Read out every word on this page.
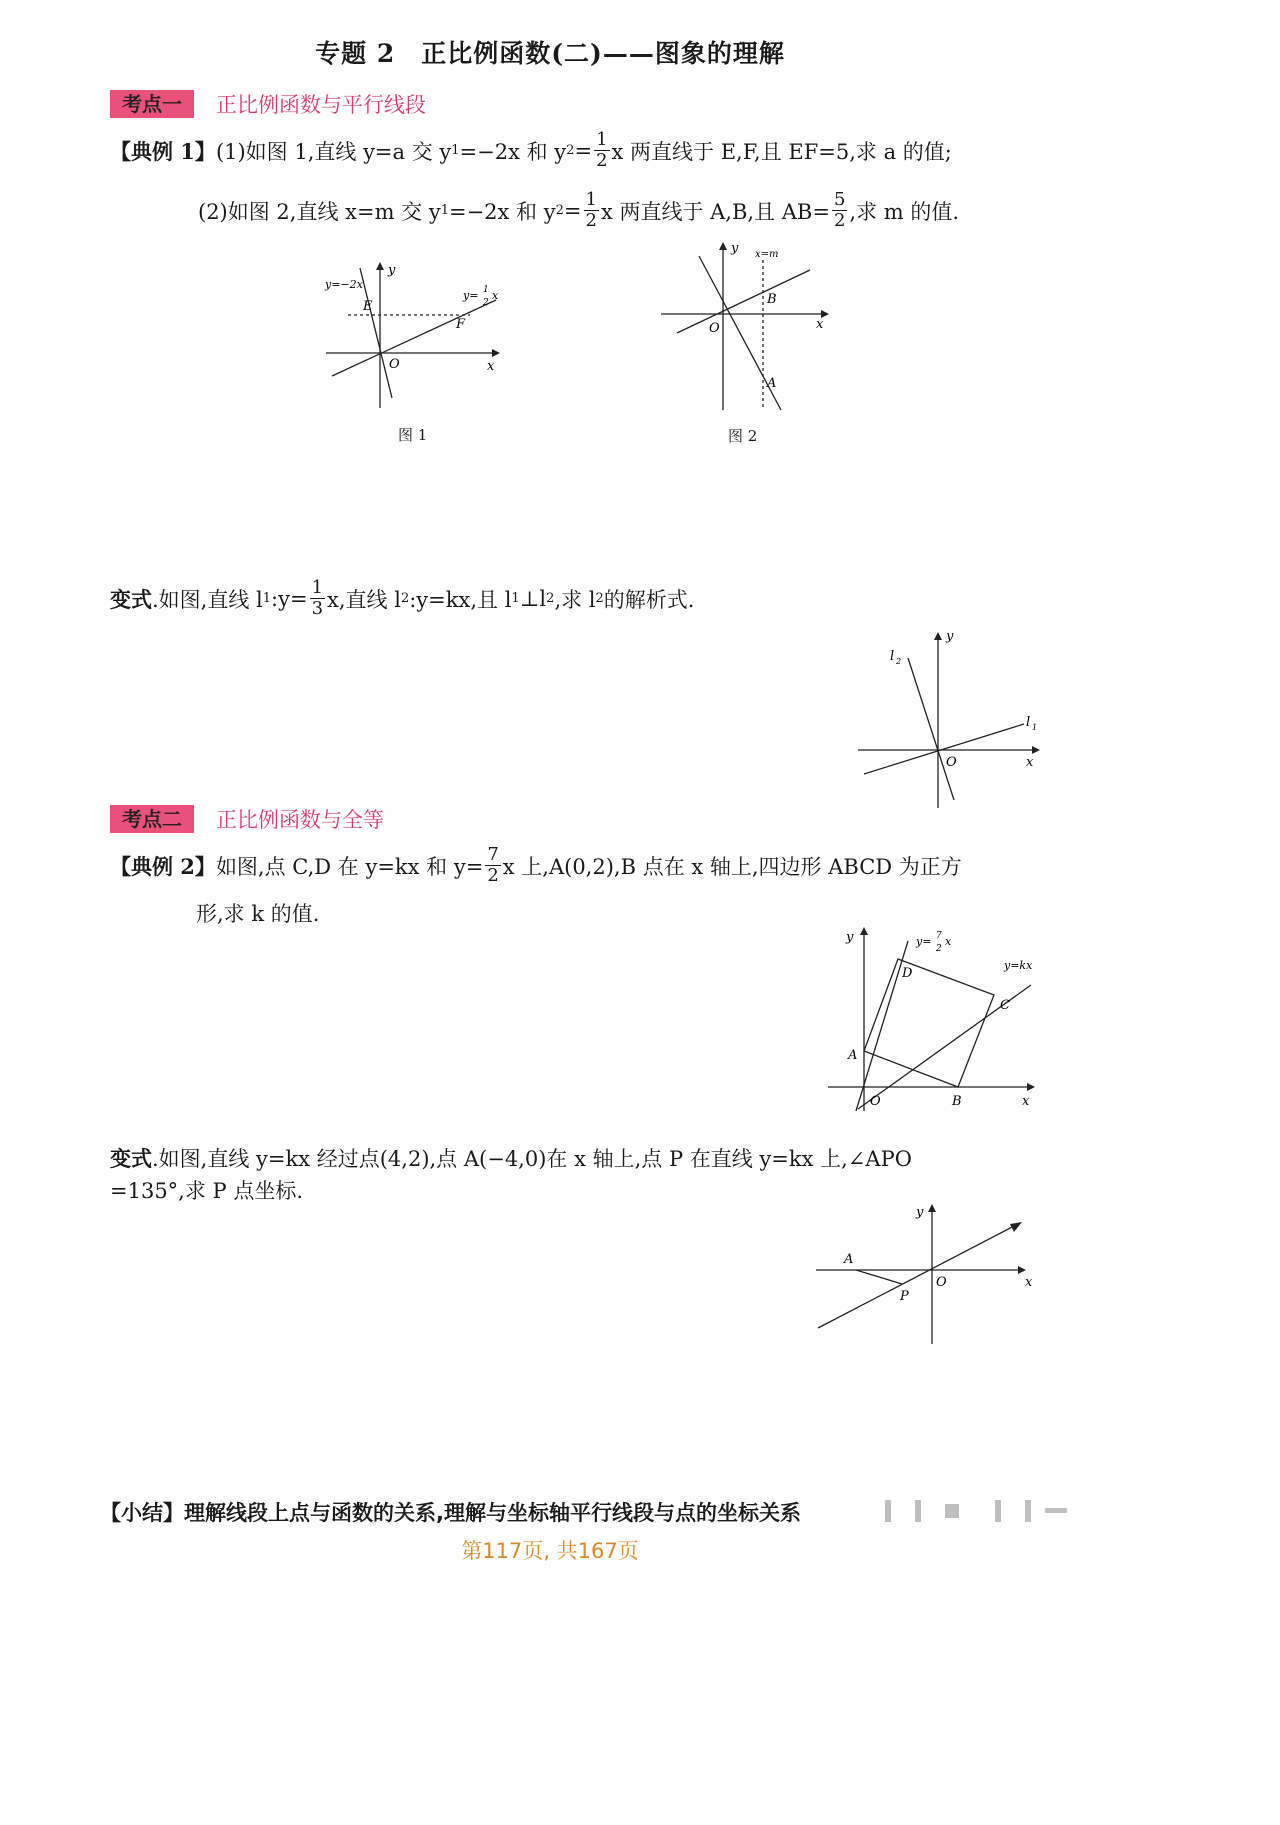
专题 2　正比例函数(二)——图象的理解
考点一	正比例函数与平行线段
【典例 1】 (1)如图 1,直线 y=a 交 y 1 =−2x 和 y $2 = \frac{1}{2}$ x 两直线于 E,F,且 EF=5,求 a 的值;
(2)如图 2,直线 x=m 交 y 1 =−2x 和 y $2 = \frac{1}{2}$ x 两直线于 A,B,且 $AB= \frac{5}{2}$ ,求 m 的值.
y=−2x
y= 1
2
x
E
F
O	x
y
图 1
x=m
B
A
O	x
y
图 2
变式 .如图,直线 l 1 :y= $\frac{1}{3} x$,直线 l 2 :y=kx,且 l 1 ⊥l 2 ,求 l 2 的解析式.
l 2
l 1
O	x
y
考点二	正比例函数与全等
【典例 2】 如图,点 C,D 在 y=kx 和 $y= \frac{7}{2}$ x 上,A(0,2),B 点在 x 轴上,四边形 ABCD 为正方
形,求 k 的值.
y	y= 7
2
x
y=kx
D
C
A
B
O	x
变式 .如图,直线 y=kx 经过点(4,2),点 A(−4,0)在 x 轴上,点 P 在直线 y=kx 上,∠APO
=135°,求 P 点坐标.
y
A
P
O	x
【小结】理解线段上点与函数的关系,理解与坐标轴平行线段与点的坐标关系
第117页, 共167页
